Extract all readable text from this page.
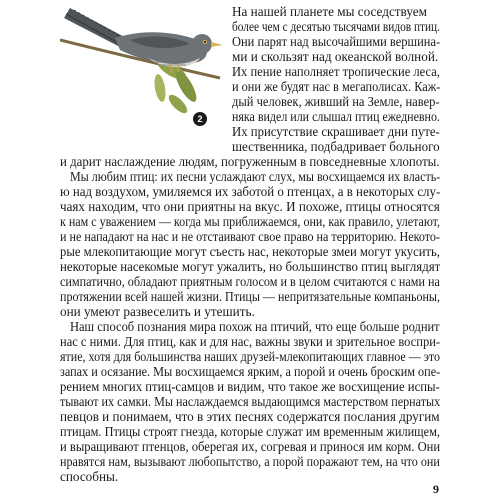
2
На нашей планете мы соседствуем
более чем с десятью тысячами видов птиц.
Они парят над высочайшими вершина-
ми и скользят над океанской волной.
Их пение наполняет тропические леса,
и они же будят нас в мегаполисах. Каж-
дый человек, живший на Земле, навер-
няка видел или слышал птиц ежедневно.
Их присутствие скрашивает дни путе-
шественника, подбадривает больного
и дарит наслаждение людям, погруженным в повседневные хлопоты.
Мы любим птиц: их песни услаждают слух, мы восхищаемся их власть-
ю над воздухом, умиляемся их заботой о птенцах, а в некоторых слу-
чаях находим, что они приятны на вкус. И похоже, птицы относятся
к нам с уважением — когда мы приближаемся, они, как правило, улетают,
и не нападают на нас и не отстаивают свое право на территорию. Некото-
рые млекопитающие могут съесть нас, некоторые змеи могут укусить,
некоторые насекомые могут ужалить, но большинство птиц выглядят
симпатично, обладают приятным голосом и в целом считаются с нами на
протяжении всей нашей жизни. Птицы — непритязательные компаньоны,
они умеют развеселить и утешить.
Наш способ познания мира похож на птичий, что еще больше роднит
нас с ними. Для птиц, как и для нас, важны звуки и зрительное воспри-
ятие, хотя для большинства наших друзей-млекопитающих главное — это
запах и осязание. Мы восхищаемся ярким, а порой и очень броским опе-
рением многих птиц-самцов и видим, что такое же восхищение испы-
тывают их самки. Мы наслаждаемся выдающимся мастерством пернатых
певцов и понимаем, что в этих песнях содержатся послания другим
птицам. Птицы строят гнезда, которые служат им временным жилищем,
и выращивают птенцов, оберегая их, согревая и принося им корм. Они
нравятся нам, вызывают любопытство, а порой поражают тем, на что они
способны.
9
